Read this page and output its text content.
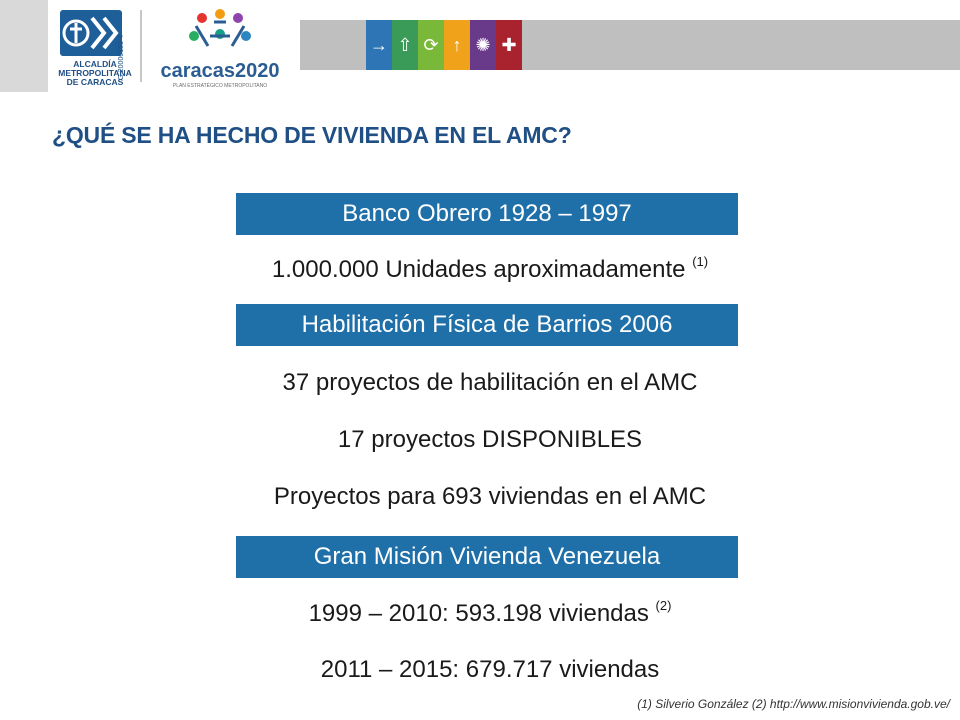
ALCALDÍA METROPOLITANA DE CARACAS
G-20000153-4	caracas2020
PLAN ESTRATÉGICO METROPOLITANO
→ ⇧ ⟳ ↑ ✺ ✚
¿QUÉ SE HA HECHO DE VIVIENDA EN EL AMC?
Banco Obrero 1928 – 1997
1.000.000 Unidades aproximadamente $^{(1)}$
Habilitación Física de Barrios 2006
37 proyectos de habilitación en el AMC
17 proyectos DISPONIBLES
Proyectos para 693 viviendas en el AMC
Gran Misión Vivienda Venezuela
1999 – 2010: 593.198 viviendas $^{(2)}$
2011 – 2015: 679.717 viviendas
(1) Silverio González (2) http://www.misionvivienda.gob.ve/
